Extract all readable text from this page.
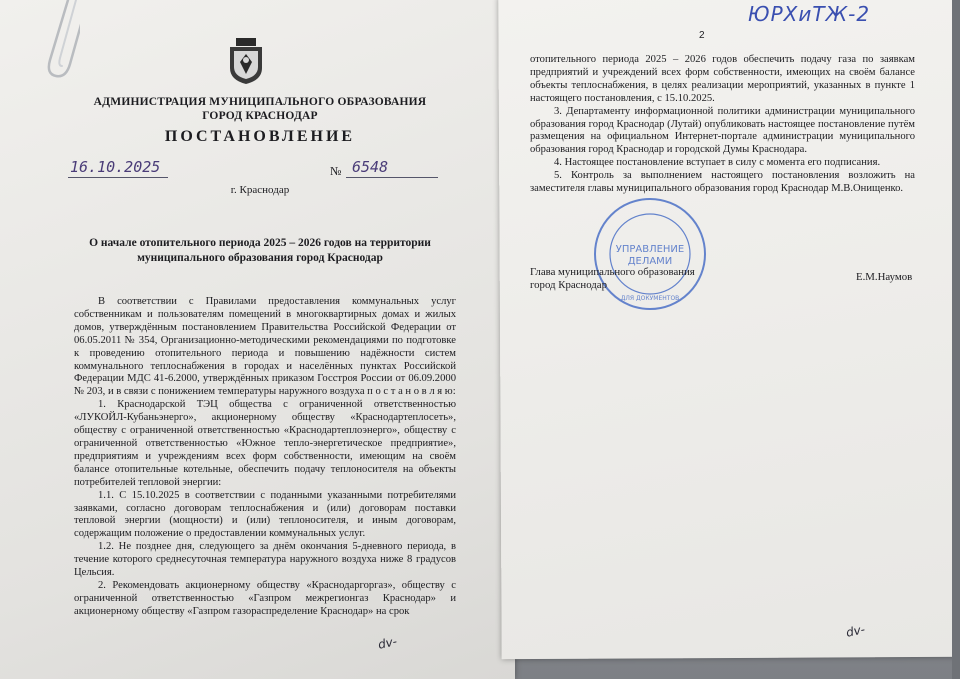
АДМИНИСТРАЦИЯ МУНИЦИПАЛЬНОГО ОБРАЗОВАНИЯ
ГОРОД КРАСНОДАР
ПОСТАНОВЛЕНИЕ
16.10.2025	№ 6548
г. Краснодар
О начале отопительного периода 2025 – 2026 годов на территории
муниципального образования город Краснодар

В соответствии с Правилами предоставления коммунальных услуг собственникам и пользователям помещений в многоквартирных домах и жилых домов, утверждённым постановлением Правительства Российской Федерации от 06.05.2011 № 354, Организационно-методическими рекомендациями по подготовке к проведению отопительного периода и повышению надёжности систем коммунального теплоснабжения в городах и населённых пунктах Российской Федерации МДС 41-6.2000, утверждённых приказом Госстроя России от 06.09.2000 № 203, и в связи с понижением температуры наружного воздуха п о с т а н о в л я ю:

1. Краснодарской ТЭЦ общества с ограниченной ответственностью «ЛУКОЙЛ-Кубаньэнерго», акционерному обществу «Краснодартеплосеть», обществу с ограниченной ответственностью «Краснодартеплоэнерго», обществу с ограниченной ответственностью «Южное тепло-энергетическое предприятие», предприятиям и учреждениям всех форм собственности, имеющим на своём балансе отопительные котельные, обеспечить подачу теплоносителя на объекты потребителей тепловой энергии:

1.1. С 15.10.2025 в соответствии с поданными указанными потребителями заявками, согласно договорам теплоснабжения и (или) договорам поставки тепловой энергии (мощности) и (или) теплоносителя, и иным договорам, содержащим положение о предоставлении коммунальных услуг.

1.2. Не позднее дня, следующего за днём окончания 5-дневного периода, в течение которого среднесуточная температура наружного воздуха ниже 8 градусов Цельсия.

2. Рекомендовать акционерному обществу «Краснодаргоргаз», обществу с ограниченной ответственностью «Газпром межрегионгаз Краснодар» и акционерному обществу «Газпром газораспределение Краснодар» на срок

dv-
2
ЮРХиТЖ-2

отопительного периода 2025 – 2026 годов обеспечить подачу газа по заявкам предприятий и учреждений всех форм собственности, имеющих на своём балансе объекты теплоснабжения, в целях реализации мероприятий, указанных в пункте 1 настоящего постановления, с 15.10.2025.

3. Департаменту информационной политики администрации муниципального образования город Краснодар (Лутай) опубликовать настоящее постановление путём размещения на официальном Интернет-портале администрации муниципального образования город Краснодар и городской Думы Краснодара.

4. Настоящее постановление вступает в силу с момента его подписания.

5. Контроль за выполнением настоящего постановления возложить на заместителя главы муниципального образования город Краснодар М.В.Онищенко.

УПРАВЛЕНИЕ
ДЕЛАМИ
ДЛЯ ДОКУМЕНТОВ
Глава муниципального образования
город Краснодар
Е.М.Наумов
dv-
